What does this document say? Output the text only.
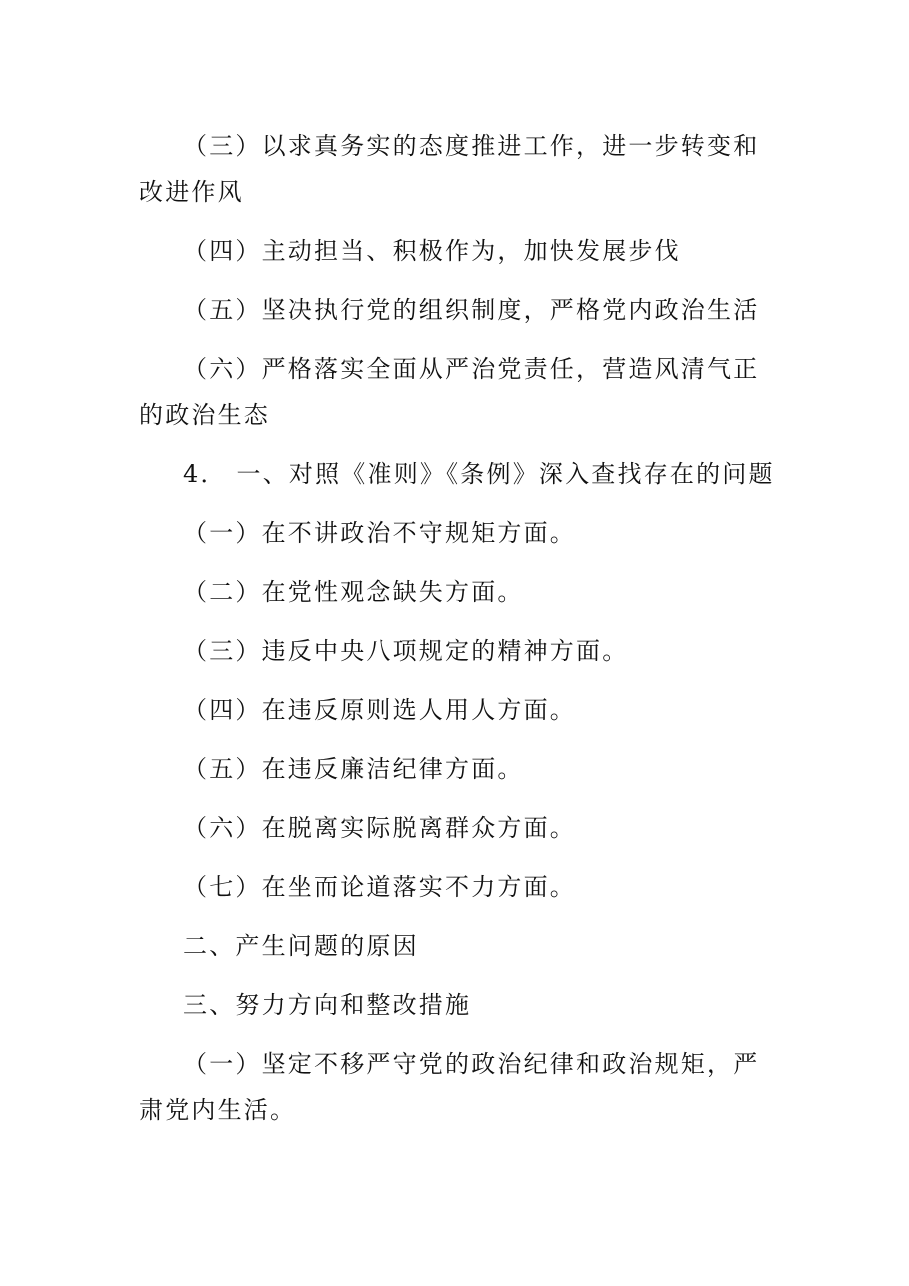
（三）以求真务实的态度推进工作，进一步转变和改进作风

（四）主动担当、积极作为，加快发展步伐

（五）坚决执行党的组织制度，严格党内政治生活

（六）严格落实全面从严治党责任，营造风清气正的政治生态

4． 一、对照《准则》《条例》深入查找存在的问题

（一）在不讲政治不守规矩方面。

（二）在党性观念缺失方面。

（三）违反中央八项规定的精神方面。

（四）在违反原则选人用人方面。

（五）在违反廉洁纪律方面。

（六）在脱离实际脱离群众方面。

（七）在坐而论道落实不力方面。

二、产生问题的原因

三、努力方向和整改措施

（一）坚定不移严守党的政治纪律和政治规矩，严肃党内生活。
